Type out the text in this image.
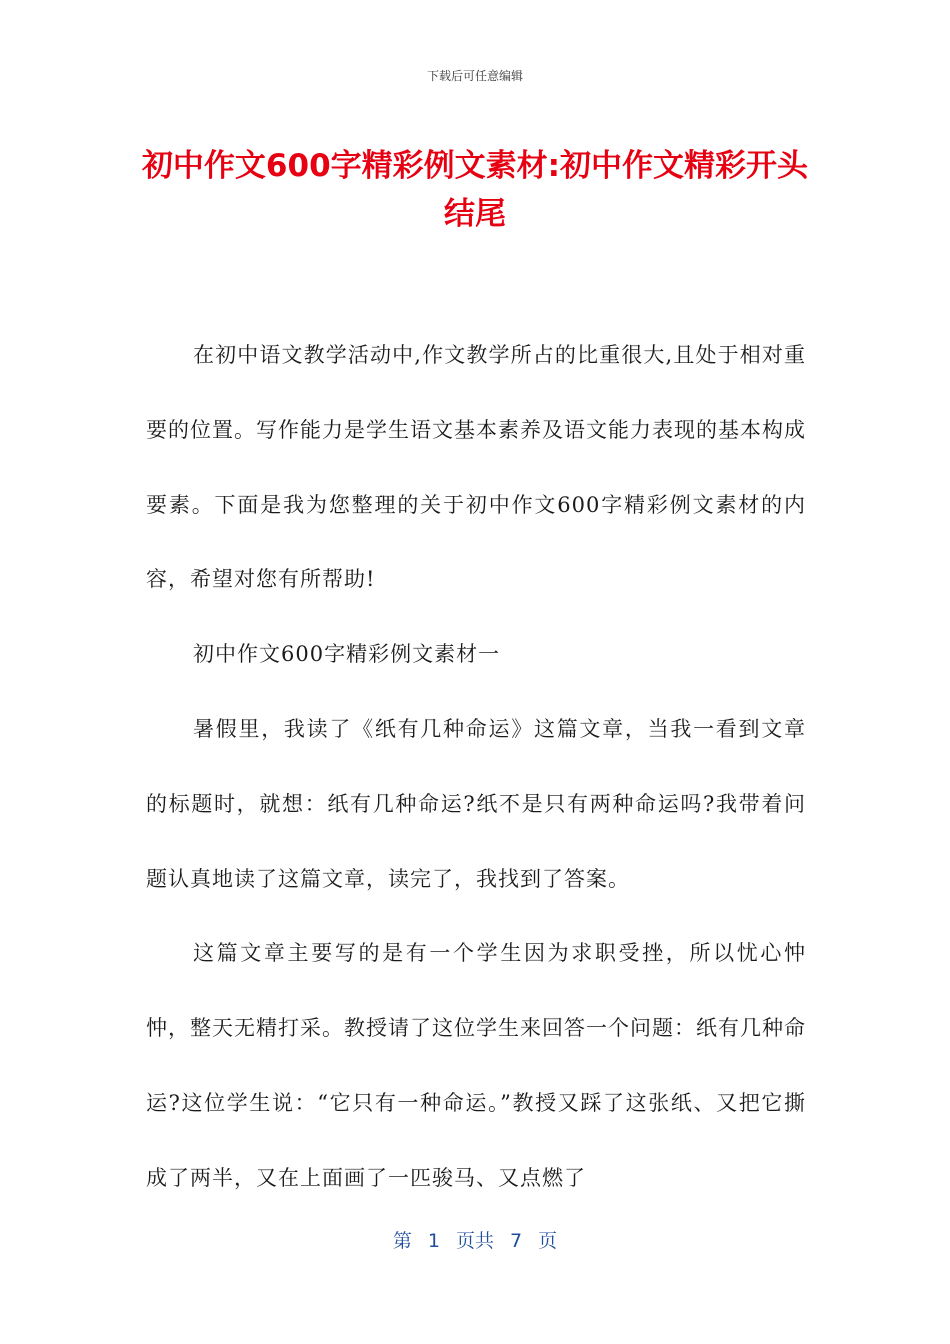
下载后可任意编辑
初中作文600字精彩例文素材:初中作文精彩开头结尾

在初中语文教学活动中,作文教学所占的比重很大,且处于相对重要的位置。写作能力是学生语文基本素养及语文能力表现的基本构成要素。下面是我为您整理的关于初中作文600字精彩例文素材的内容，希望对您有所帮助!

初中作文600字精彩例文素材一

暑假里，我读了《纸有几种命运》这篇文章，当我一看到文章的标题时，就想：纸有几种命运?纸不是只有两种命运吗?我带着问题认真地读了这篇文章，读完了，我找到了答案。

这篇文章主要写的是有一个学生因为求职受挫，所以忧心忡忡，整天无精打采。教授请了这位学生来回答一个问题：纸有几种命运?这位学生说：“它只有一种命运。”教授又踩了这张纸、又把它撕成了两半，又在上面画了一匹骏马、又点燃了

第 1 页共 7 页
